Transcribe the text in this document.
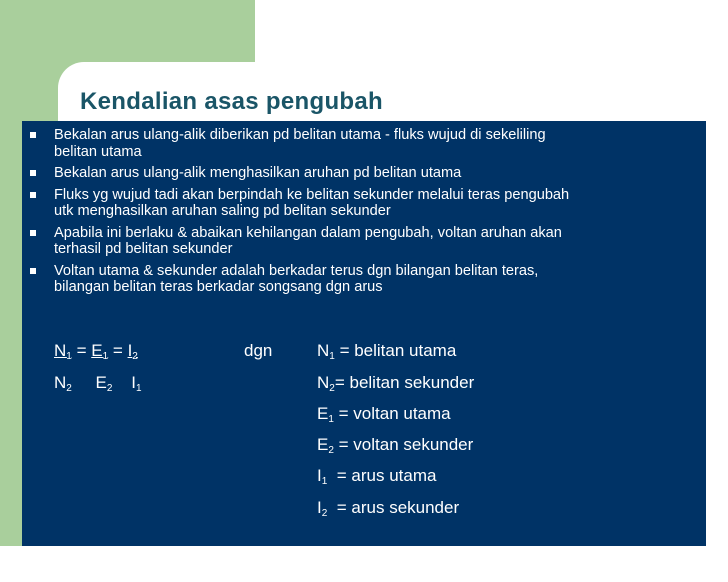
Kendalian asas pengubah
Bekalan arus ulang-alik diberikan pd belitan utama - fluks wujud di sekeliling
belitan utama
Bekalan arus ulang-alik menghasilkan aruhan pd belitan utama
Fluks yg wujud tadi akan berpindah ke belitan sekunder melalui teras pengubah
utk menghasilkan aruhan saling pd belitan sekunder
Apabila ini berlaku & abaikan kehilangan dalam pengubah, voltan aruhan akan
terhasil pd belitan sekunder
Voltan utama & sekunder adalah berkadar terus dgn bilangan belitan teras,
bilangan belitan teras berkadar songsang dgn arus
$N_1 = E_1 = I_2$	dgn
$N_2$ $E_2$ $I_1$
$N_1$ = belitan utama
$N_2=$ belitan sekunder
$E_1 = voltan$ utama
$E_2 = voltan$ sekunder
$I_1$  = arus utama
$I_2$  = arus sekunder
